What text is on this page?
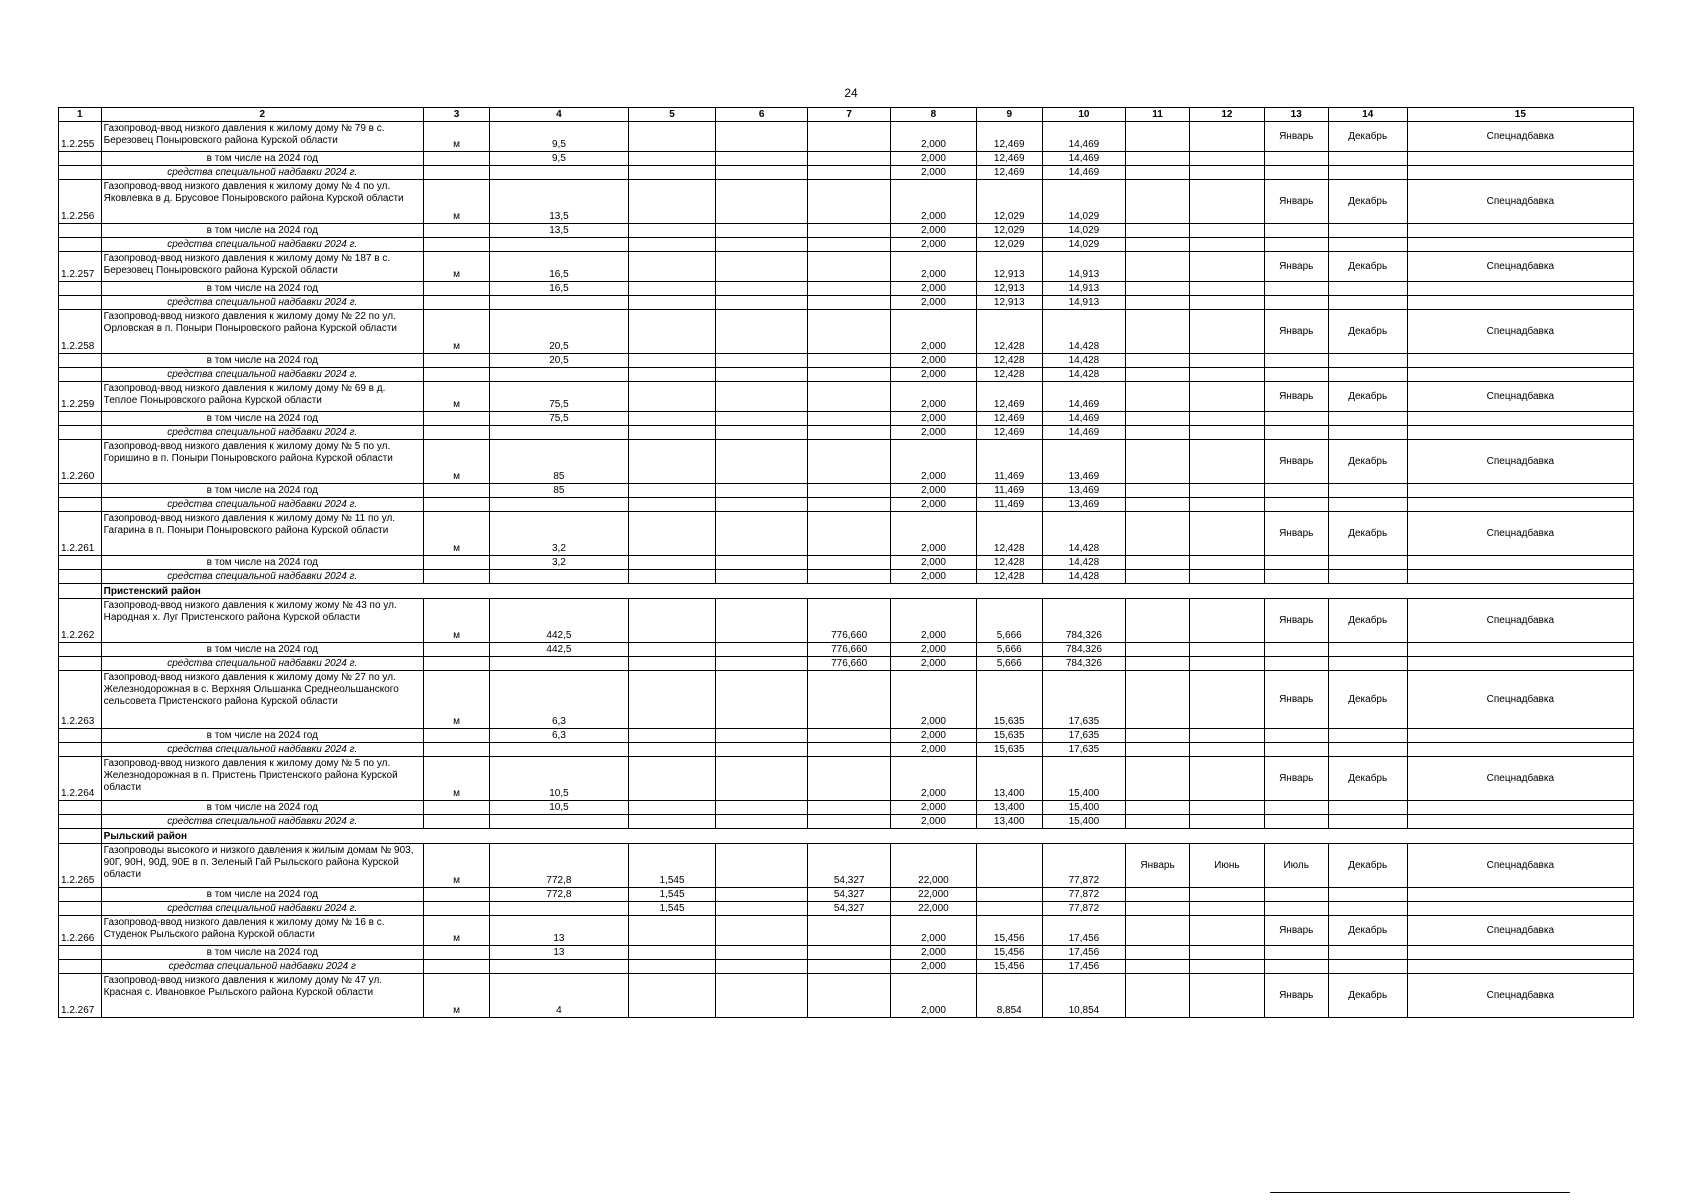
24
1	2	3	4	5	6	7	8	9	10	11	12	13	14	15
1.2.255	Газопровод-ввод низкого давления к жилому дому № 79 в с. Березовец Поныровского района Курской области	м	9,5				2,000	12,469	14,469			Январь	Декабрь	Спецнадбавка
	в том числе на 2024 год		9,5				2,000	12,469	14,469					
	средства специальной надбавки 2024 г.						2,000	12,469	14,469					
1.2.256	Газопровод-ввод низкого давления к жилому дому № 4 по ул. Яковлевка в д. Брусовое Поныровского района Курской области	м	13,5				2,000	12,029	14,029			Январь	Декабрь	Спецнадбавка
	в том числе на 2024 год		13,5				2,000	12,029	14,029					
	средства специальной надбавки 2024 г.						2,000	12,029	14,029					
1.2.257	Газопровод-ввод низкого давления к жилому дому № 187 в с. Березовец Поныровского района Курской области	м	16,5				2,000	12,913	14,913			Январь	Декабрь	Спецнадбавка
	в том числе на 2024 год		16,5				2,000	12,913	14,913					
	средства специальной надбавки 2024 г.						2,000	12,913	14,913					
1.2.258	Газопровод-ввод низкого давления к жилому дому № 22 по ул. Орловская в п. Поныри Поныровского района Курской области	м	20,5				2,000	12,428	14,428			Январь	Декабрь	Спецнадбавка
	в том числе на 2024 год		20,5				2,000	12,428	14,428					
	средства специальной надбавки 2024 г.						2,000	12,428	14,428					
1.2.259	Газопровод-ввод низкого давления к жилому дому № 69 в д. Теплое Поныровского района Курской области	м	75,5				2,000	12,469	14,469			Январь	Декабрь	Спецнадбавка
	в том числе на 2024 год		75,5				2,000	12,469	14,469					
	средства специальной надбавки 2024 г.						2,000	12,469	14,469					
1.2.260	Газопровод-ввод низкого давления к жилому дому № 5 по ул. Горишино в п. Поныри Поныровского района Курской области	м	85				2,000	11,469	13,469			Январь	Декабрь	Спецнадбавка
	в том числе на 2024 год		85				2,000	11,469	13,469					
	средства специальной надбавки 2024 г.						2,000	11,469	13,469					
1.2.261	Газопровод-ввод низкого давления к жилому дому № 11 по ул. Гагарина в п. Поныри Поныровского района Курской области	м	3,2				2,000	12,428	14,428			Январь	Декабрь	Спецнадбавка
	в том числе на 2024 год		3,2				2,000	12,428	14,428					
	средства специальной надбавки 2024 г.						2,000	12,428	14,428					
	Пристенский район													
1.2.262	Газопровод-ввод низкого давления к жилому жому № 43 по ул. Народная х. Луг Пристенского района Курской области	м	442,5			776,660	2,000	5,666	784,326			Январь	Декабрь	Спецнадбавка
	в том числе на 2024 год		442,5			776,660	2,000	5,666	784,326					
	средства специальной надбавки 2024 г.					776,660	2,000	5,666	784,326					
1.2.263	Газопровод-ввод низкого давления к жилому дому № 27 по ул. Железнодорожная в с. Верхняя Ольшанка Среднеольшанского сельсовета Пристенского района Курской области	м	6,3				2,000	15,635	17,635			Январь	Декабрь	Спецнадбавка
	в том числе на 2024 год		6,3				2,000	15,635	17,635					
	средства специальной надбавки 2024 г.						2,000	15,635	17,635					
1.2.264	Газопровод-ввод низкого давления к жилому дому № 5 по ул. Железнодорожная в п. Пристень Пристенского района Курской области	м	10,5				2,000	13,400	15,400			Январь	Декабрь	Спецнадбавка
	в том числе на 2024 год		10,5				2,000	13,400	15,400					
	средства специальной надбавки 2024 г.						2,000	13,400	15,400					
	Рыльский район													
1.2.265	Газопроводы высокого и низкого давления к жилым домам № 903, 90Г, 90Н, 90Д, 90Е в п. Зеленый Гай Рыльского района Курской области	м	772,8	1,545		54,327	22,000		77,872	Январь	Июнь	Июль	Декабрь	Спецнадбавка
	в том числе на 2024 год		772,8	1,545		54,327	22,000		77,872					
	средства специальной надбавки 2024 г.			1,545		54,327	22,000		77,872					
1.2.266	Газопровод-ввод низкого давления к жилому дому № 16 в с. Студенок Рыльского района Курской области	м	13				2,000	15,456	17,456			Январь	Декабрь	Спецнадбавка
	в том числе на 2024 год		13				2,000	15,456	17,456					
	средства специальной надбавки 2024 г						2,000	15,456	17,456					
1.2.267	Газопровод-ввод низкого давления к жилому дому № 47 ул. Красная с. Ивановкое Рыльского района Курской области	м	4				2,000	8,854	10,854			Январь	Декабрь	Спецнадбавка
